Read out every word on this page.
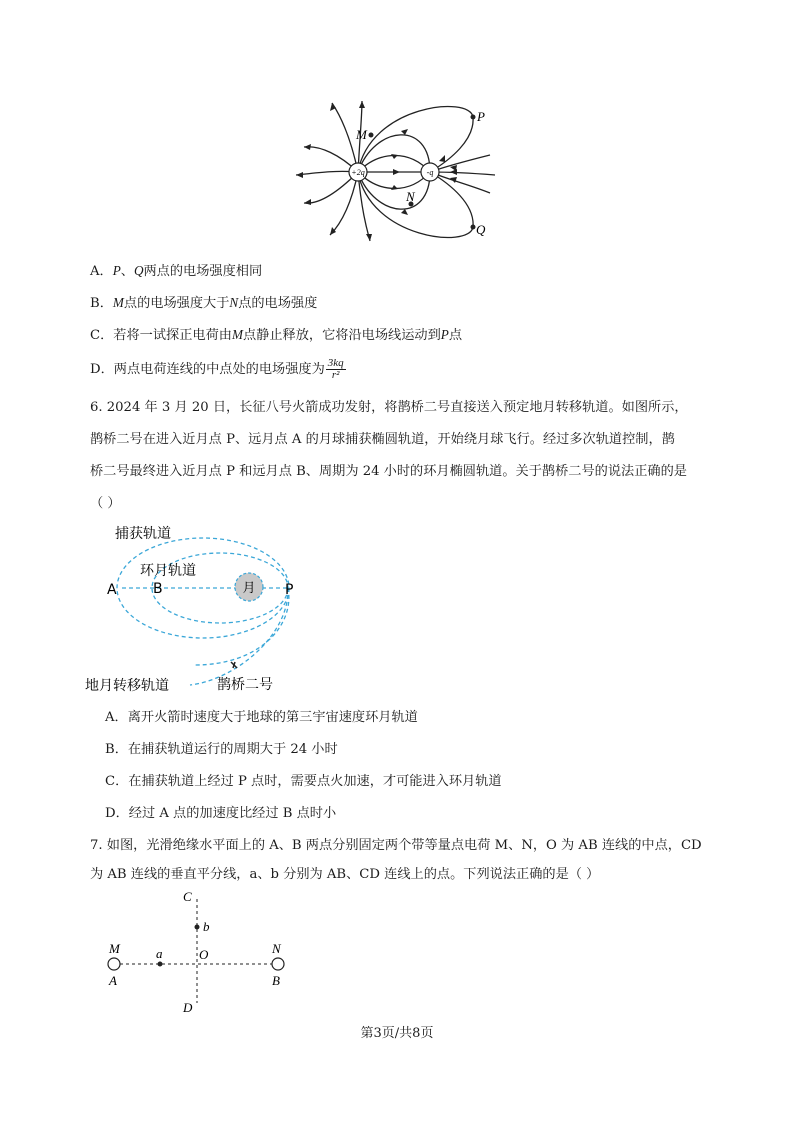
+2q	-q
M
N
P
Q
A．P、Q两点的电场强度相同
B．M点的电场强度大于N点的电场强度
C．若将一试探正电荷由M点静止释放，它将沿电场线运动到P点
D．两点电荷连线的中点处的电场强度为 $\frac{3kq}{\text{r²}}$
6. 2024 年 3 月 20 日，长征八号火箭成功发射，将鹊桥二号直接送入预定地月转移轨道。如图所示，
鹊桥二号在进入近月点 P、远月点 A 的月球捕获椭圆轨道，开始绕月球飞行。经过多次轨道控制，鹊
桥二号最终进入近月点 P 和远月点 B、周期为 24 小时的环月椭圆轨道。关于鹊桥二号的说法正确的是
（ ）
月
捕获轨道
环月轨道
A	B	P
地月转移轨道	鹊桥二号
A．离开火箭时速度大于地球的第三宇宙速度环月轨道
B．在捕获轨道运行的周期大于 24 小时
C．在捕获轨道上经过 P 点时，需要点火加速，才可能进入环月轨道
D．经过 A 点的加速度比经过 B 点时小
7. 如图，光滑绝缘水平面上的 A、B 两点分别固定两个带等量点电荷 M、N，O 为 AB 连线的中点，CD
为 AB 连线的垂直平分线，a、b 分别为 AB、CD 连线上的点。下列说法正确的是（ ）
C
b
M	a	O	N
A	B
D
第3页/共8页
